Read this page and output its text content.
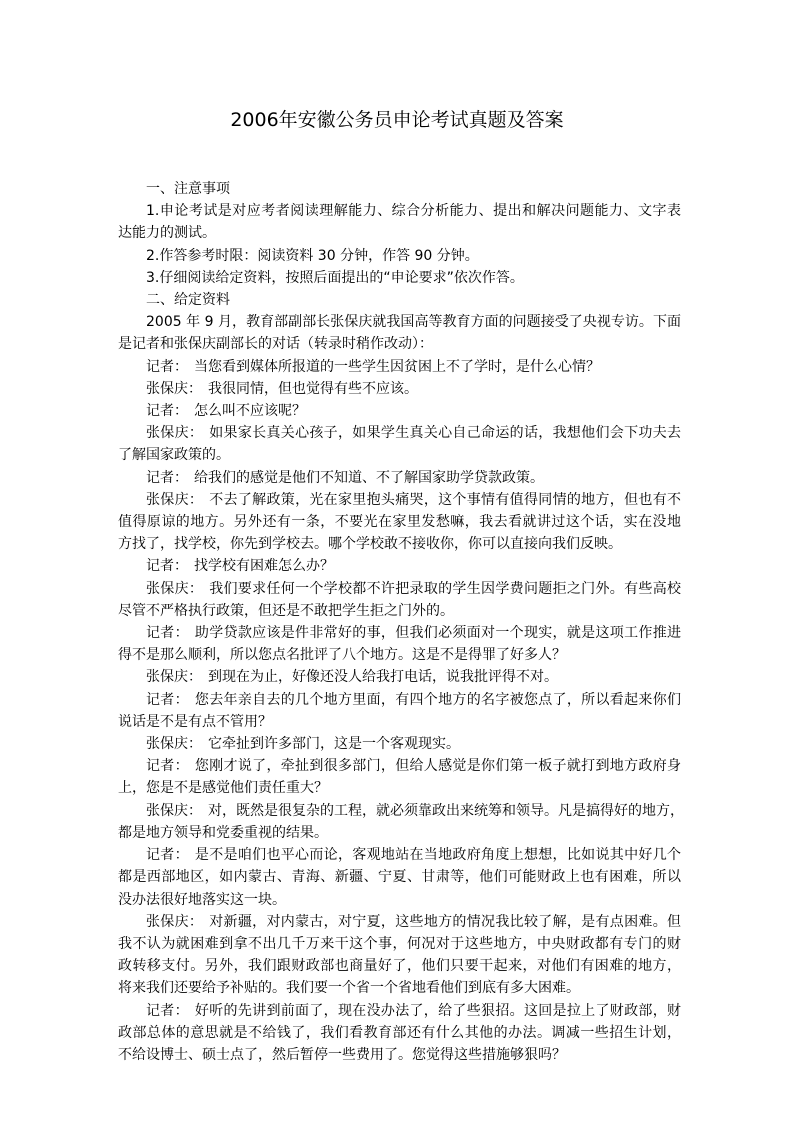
2006年安徽公务员申论考试真题及答案
一、注意事项
1.申论考试是对应考者阅读理解能力、综合分析能力、提出和解决问题能力、文字表
达能力的测试。
2.作答参考时限：阅读资料 30 分钟，作答 90 分钟。
3.仔细阅读给定资料，按照后面提出的“申论要求”依次作答。
二、给定资料
2005 年 9 月，教育部副部长张保庆就我国高等教育方面的问题接受了央视专访。下面
是记者和张保庆副部长的对话（转录时稍作改动）：
记者： 当您看到媒体所报道的一些学生因贫困上不了学时，是什么心情？
张保庆： 我很同情，但也觉得有些不应该。
记者： 怎么叫不应该呢？
张保庆： 如果家长真关心孩子，如果学生真关心自己命运的话，我想他们会下功夫去
了解国家政策的。
记者： 给我们的感觉是他们不知道、不了解国家助学贷款政策。
张保庆： 不去了解政策，光在家里抱头痛哭，这个事情有值得同情的地方，但也有不
值得原谅的地方。另外还有一条，不要光在家里发愁嘛，我去看就讲过这个话，实在没地
方找了，找学校，你先到学校去。哪个学校敢不接收你，你可以直接向我们反映。
记者： 找学校有困难怎么办？
张保庆： 我们要求任何一个学校都不许把录取的学生因学费问题拒之门外。有些高校
尽管不严格执行政策，但还是不敢把学生拒之门外的。
记者： 助学贷款应该是件非常好的事，但我们必须面对一个现实，就是这项工作推进
得不是那么顺利，所以您点名批评了八个地方。这是不是得罪了好多人？
张保庆： 到现在为止，好像还没人给我打电话，说我批评得不对。
记者： 您去年亲自去的几个地方里面，有四个地方的名字被您点了，所以看起来你们
说话是不是有点不管用？
张保庆： 它牵扯到许多部门，这是一个客观现实。
记者： 您刚才说了，牵扯到很多部门，但给人感觉是你们第一板子就打到地方政府身
上，您是不是感觉他们责任重大？
张保庆： 对，既然是很复杂的工程，就必须靠政出来统筹和领导。凡是搞得好的地方，
都是地方领导和党委重视的结果。
记者： 是不是咱们也平心而论，客观地站在当地政府角度上想想，比如说其中好几个
都是西部地区，如内蒙古、青海、新疆、宁夏、甘肃等，他们可能财政上也有困难，所以
没办法很好地落实这一块。
张保庆： 对新疆，对内蒙古，对宁夏，这些地方的情况我比较了解，是有点困难。但
我不认为就困难到拿不出几千万来干这个事，何况对于这些地方，中央财政都有专门的财
政转移支付。另外，我们跟财政部也商量好了，他们只要干起来，对他们有困难的地方，
将来我们还要给予补贴的。我们要一个省一个省地看他们到底有多大困难。
记者： 好听的先讲到前面了，现在没办法了，给了些狠招。这回是拉上了财政部，财
政部总体的意思就是不给钱了，我们看教育部还有什么其他的办法。调减一些招生计划，
不给设博士、硕士点了，然后暂停一些费用了。您觉得这些措施够狠吗？
